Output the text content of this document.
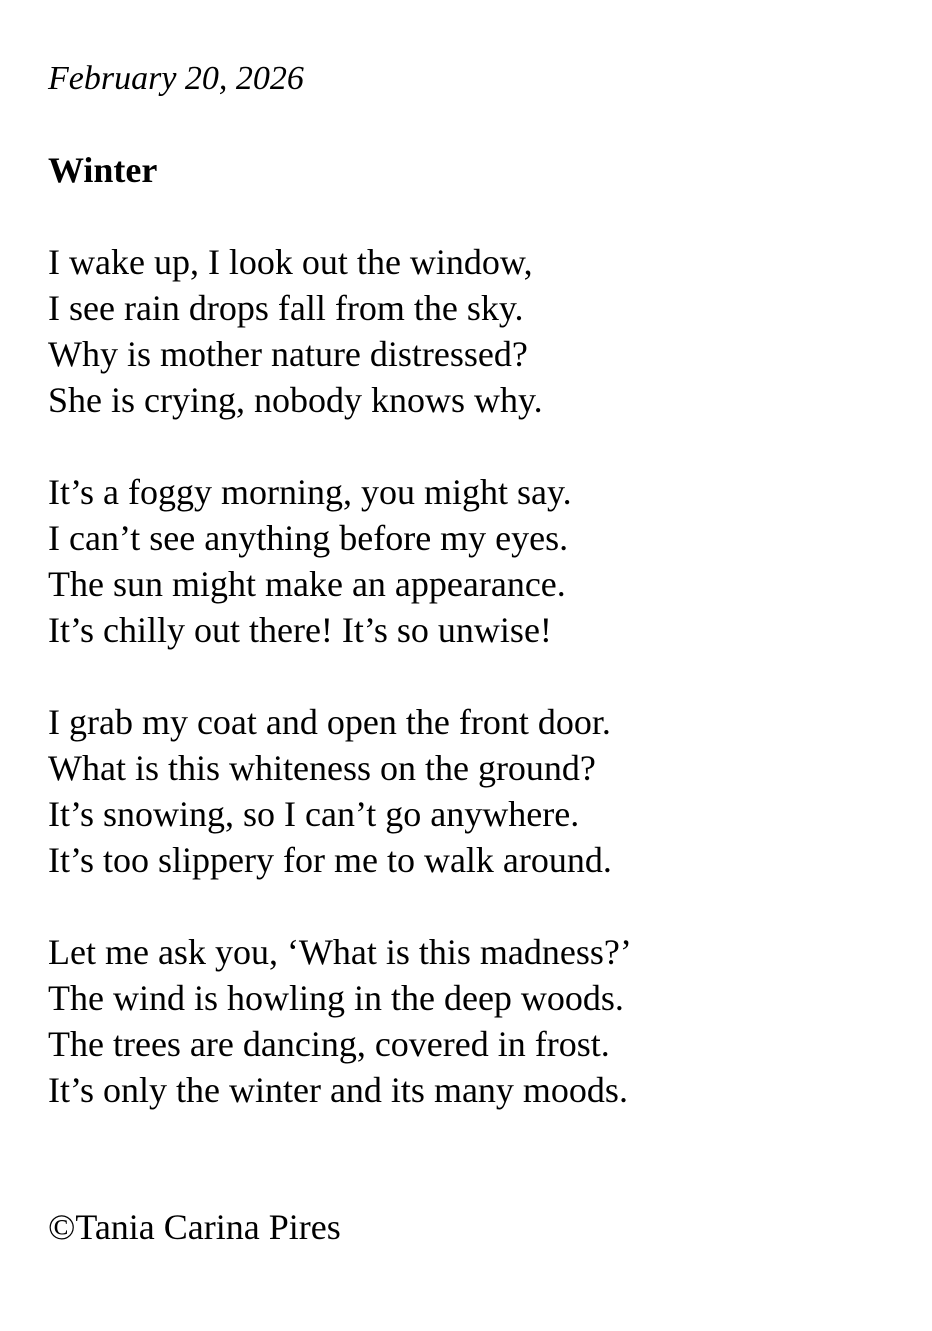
February 20, 2026
Winter
I wake up, I look out the window,
I see rain drops fall from the sky.
Why is mother nature distressed?
She is crying, nobody knows why.
It’s a foggy morning, you might say.
I can’t see anything before my eyes.
The sun might make an appearance.
It’s chilly out there! It’s so unwise!
I grab my coat and open the front door.
What is this whiteness on the ground?
It’s snowing, so I can’t go anywhere.
It’s too slippery for me to walk around.
Let me ask you, ‘What is this madness?’
The wind is howling in the deep woods.
The trees are dancing, covered in frost.
It’s only the winter and its many moods.
©Tania Carina Pires
